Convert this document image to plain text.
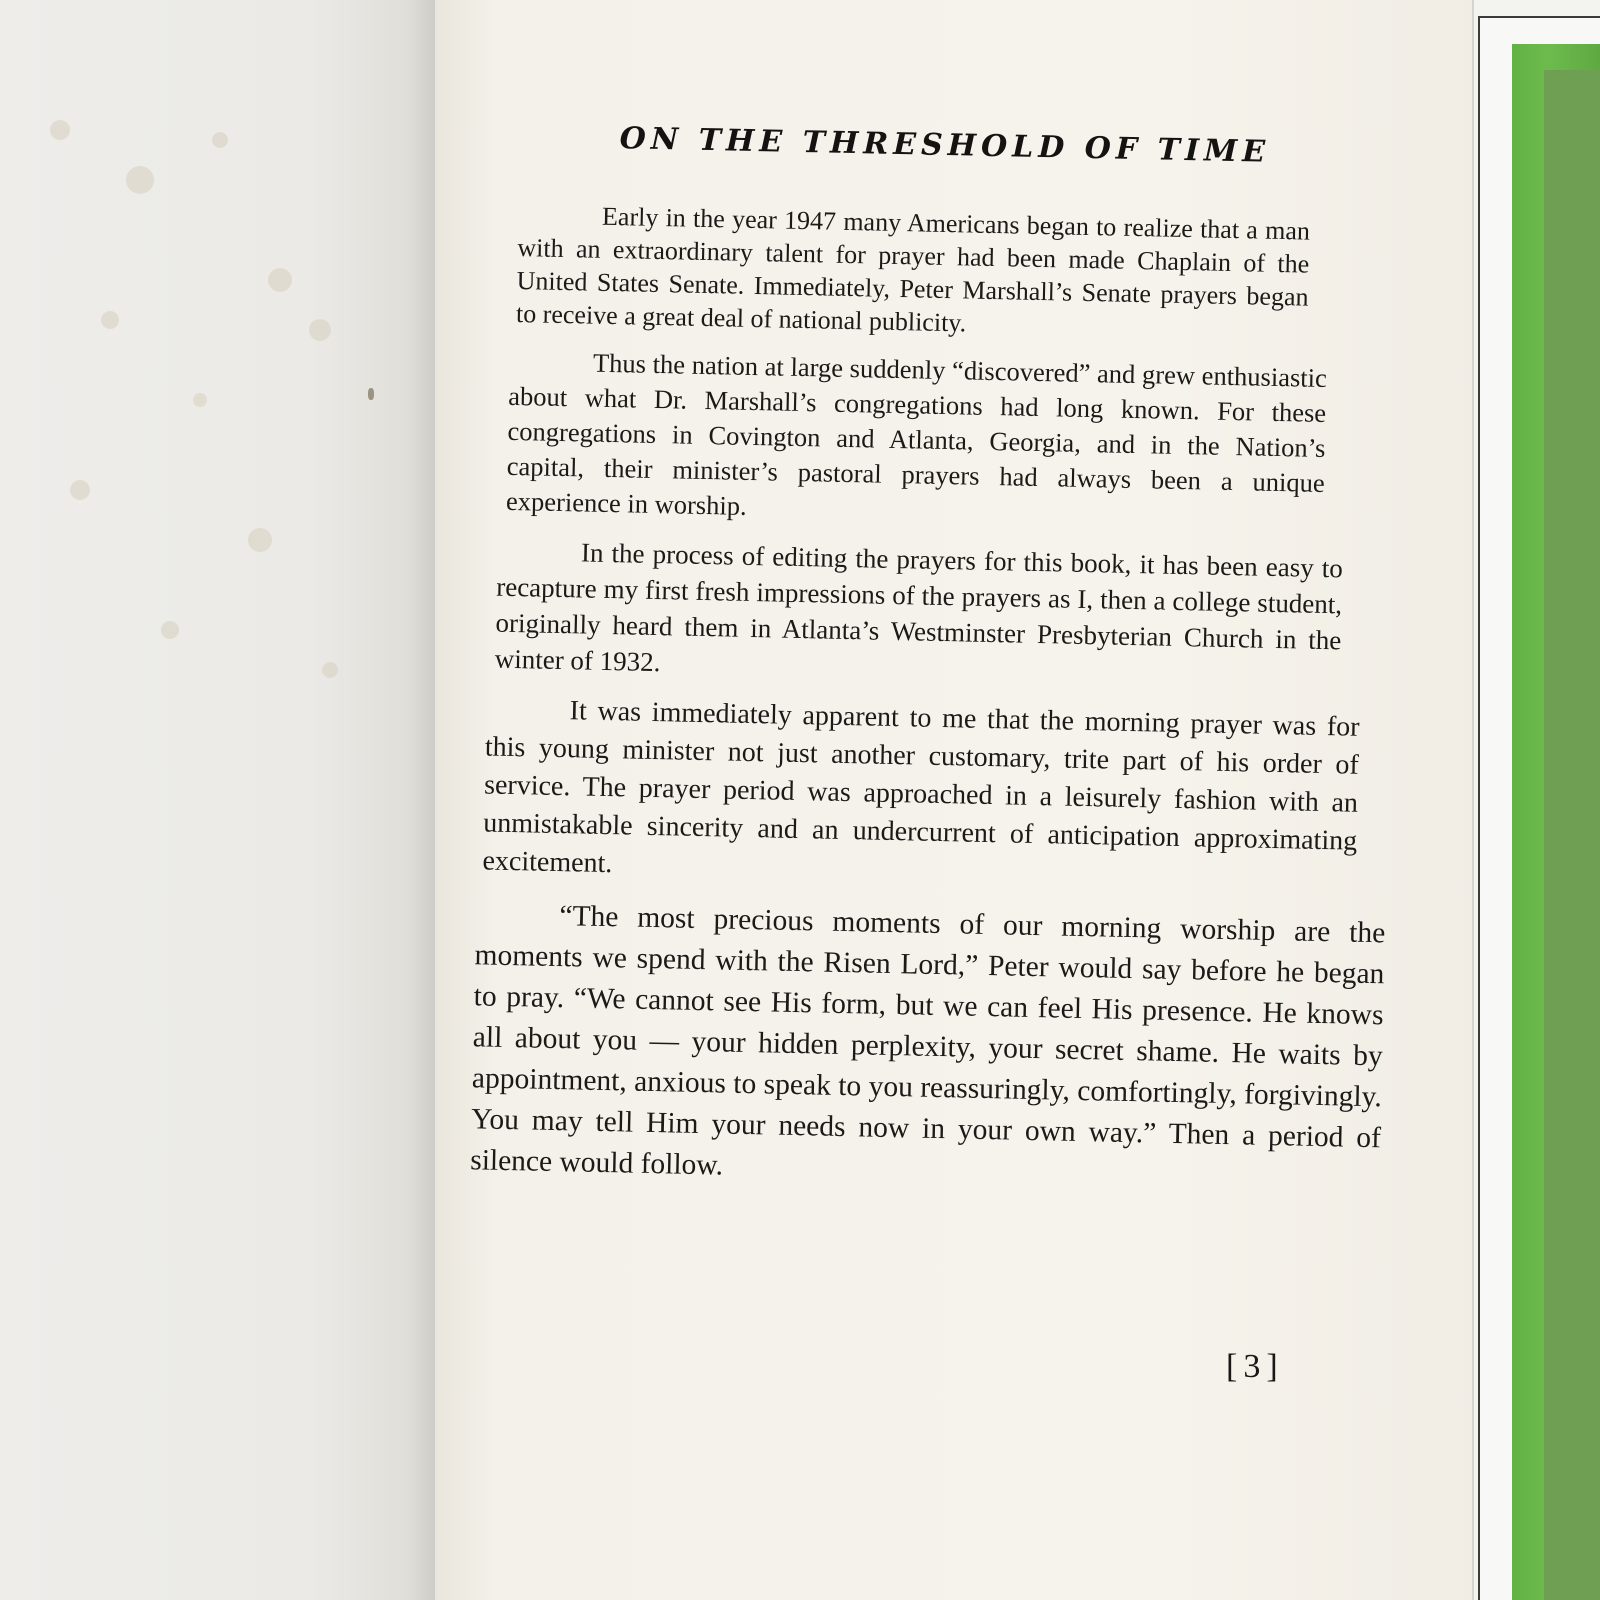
ON THE THRESHOLD OF TIME

Early in the year 1947 many Americans began to realize that a man with an extraordinary talent for prayer had been made Chaplain of the United States Senate. Immediately, Peter Marshall’s Senate prayers began to receive a great deal of national publicity.

Thus the nation at large suddenly “discovered” and grew enthusiastic about what Dr. Marshall’s congregations had long known. For these congregations in Covington and Atlanta, Georgia, and in the Nation’s capital, their minister’s pastoral prayers had always been a unique experience in worship.

In the process of editing the prayers for this book, it has been easy to recapture my first fresh impressions of the prayers as I, then a college student, originally heard them in Atlanta’s Westminster Presbyterian Church in the winter of 1932.

It was immediately apparent to me that the morning prayer was for this young minister not just another customary, trite part of his order of service. The prayer period was approached in a leisurely fashion with an unmistakable sincerity and an undercurrent of anticipation approximating excitement.

“The most precious moments of our morning worship are the moments we spend with the Risen Lord,” Peter would say before he began to pray. “We cannot see His form, but we can feel His presence. He knows all about you — your hidden perplexity, your secret shame. He waits by appointment, anxious to speak to you reassuringly, comfortingly, forgivingly. You may tell Him your needs now in your own way.” Then a period of silence would follow.

[3]
